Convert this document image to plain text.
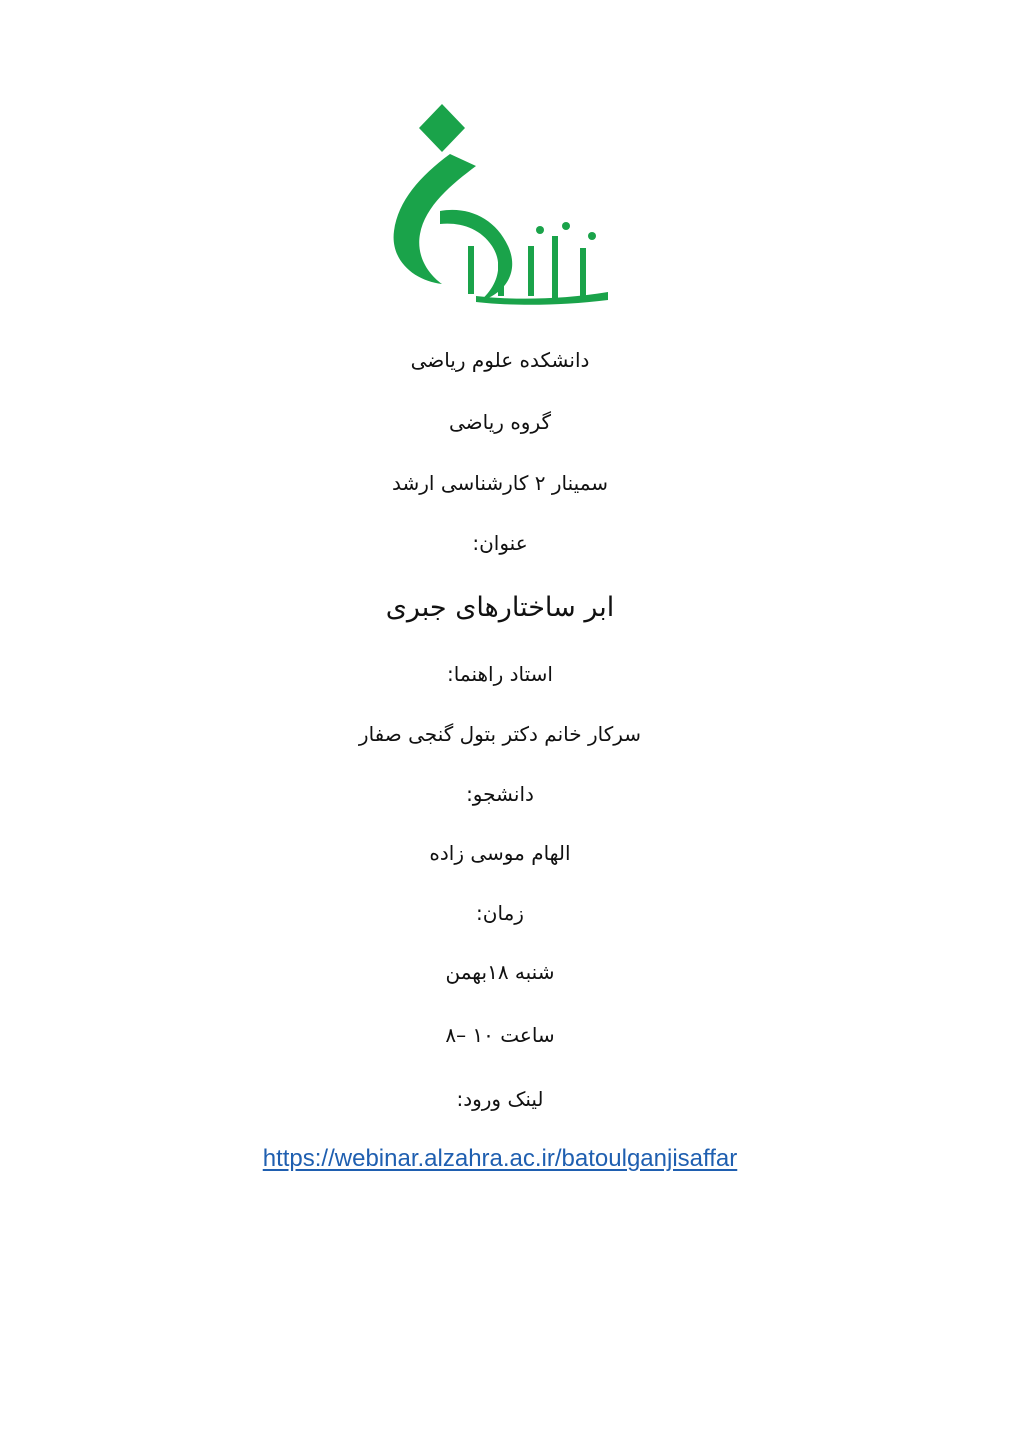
دانشکده علوم ریاضی
گروه ریاضی
سمینار ۲ کارشناسی ارشد
عنوان:
ابر ساختارهای جبری
استاد راهنما:
سرکار خانم دکتر بتول گنجی صفار
دانشجو:
الهام موسی زاده
زمان:
شنبه ۱۸بهمن
ساعت ۱۰ –۸
لینک ورود:
https://webinar.alzahra.ac.ir/batoulganjisaffar
